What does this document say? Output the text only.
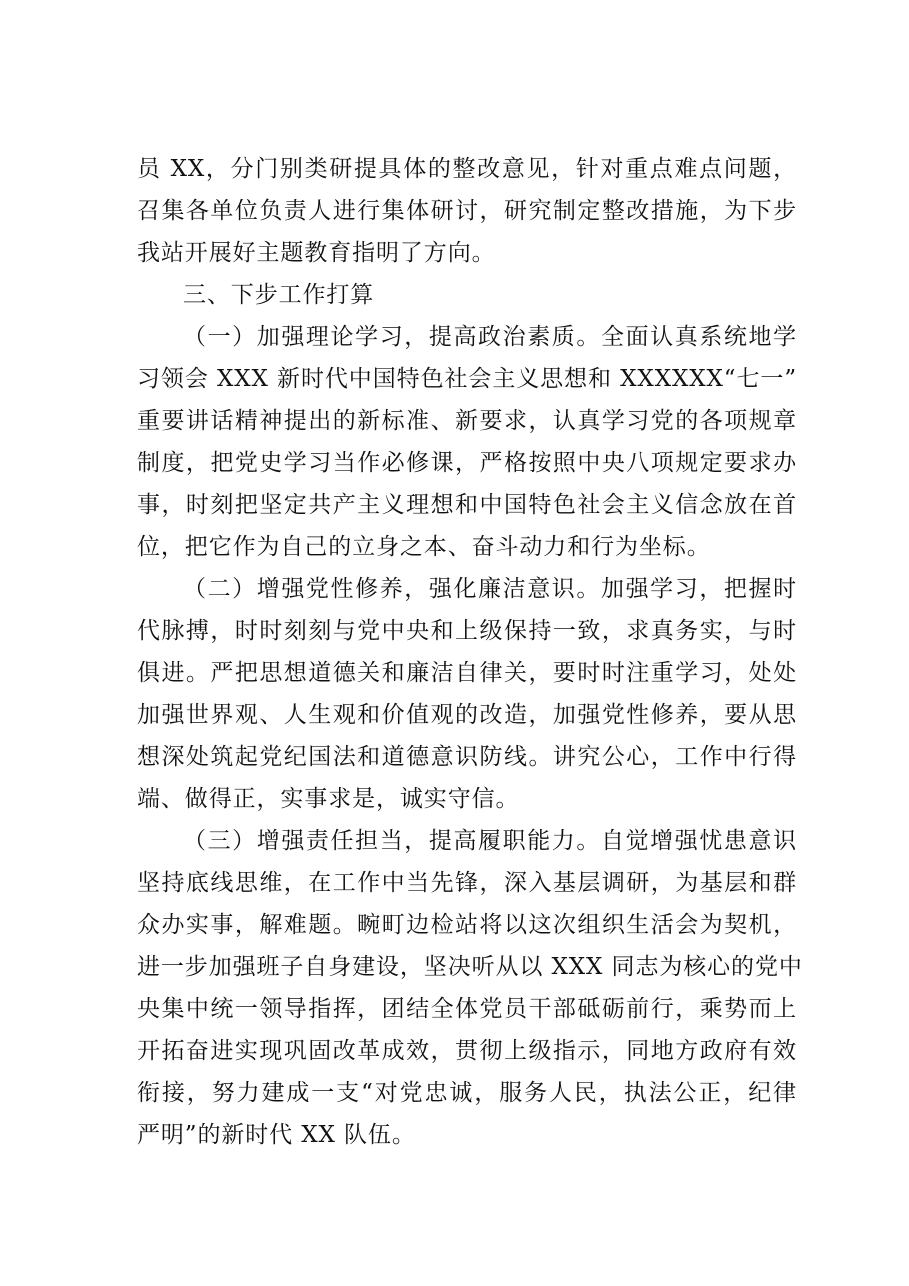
员 XX，分门别类研提具体的整改意见，针对重点难点问题，
召集各单位负责人进行集体研讨，研究制定整改措施，为下步
我站开展好主题教育指明了方向。
三、下步工作打算
（一）加强理论学习，提高政治素质。全面认真系统地学
习领会 XXX 新时代中国特色社会主义思想和 XXXXXX“七一”
重要讲话精神提出的新标准、新要求，认真学习党的各项规章
制度，把党史学习当作必修课，严格按照中央八项规定要求办
事，时刻把坚定共产主义理想和中国特色社会主义信念放在首
位，把它作为自己的立身之本、奋斗动力和行为坐标。
（二）增强党性修养，强化廉洁意识。加强学习，把握时
代脉搏，时时刻刻与党中央和上级保持一致，求真务实，与时
俱进。严把思想道德关和廉洁自律关，要时时注重学习，处处
加强世界观、人生观和价值观的改造，加强党性修养，要从思
想深处筑起党纪国法和道德意识防线。讲究公心，工作中行得
端、做得正，实事求是，诚实守信。
（三）增强责任担当，提高履职能力。自觉增强忧患意识
坚持底线思维，在工作中当先锋，深入基层调研，为基层和群
众办实事，解难题。畹町边检站将以这次组织生活会为契机，
进一步加强班子自身建设，坚决听从以 XXX 同志为核心的党中
央集中统一领导指挥，团结全体党员干部砥砺前行，乘势而上
开拓奋进实现巩固改革成效，贯彻上级指示，同地方政府有效
衔接，努力建成一支“对党忠诚，服务人民，执法公正，纪律
严明”的新时代 XX 队伍。
